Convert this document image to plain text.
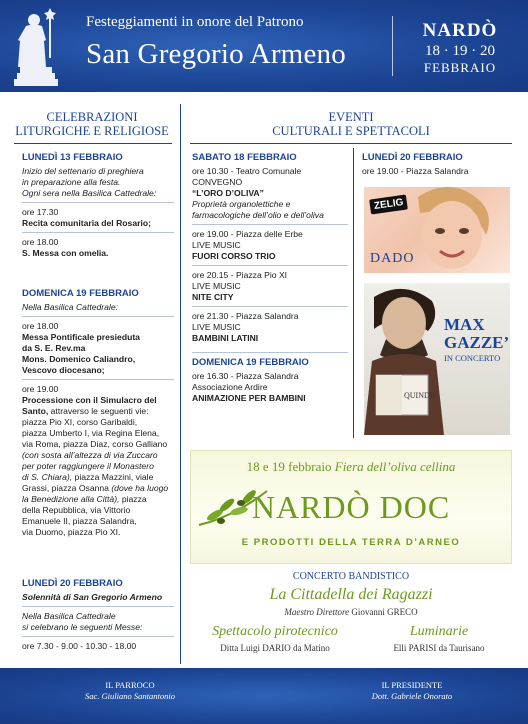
Festeggiamenti in onore del Patrono
San Gregorio Armeno
NARDÒ
18 · 19 · 20
FEBBRAIO
CELEBRAZIONI
LITURGICHE E RELIGIOSE
EVENTI
CULTURALI E SPETTACOLI
LUNEDÌ 13 FEBBRAIO
Inizio del settenario di preghiera
in preparazione alla festa.
Ogni sera nella Basilica Cattedrale:
ore 17.30
Recita comunitaria del Rosario;
ore 18.00
S. Messa con omelia.
DOMENICA 19 FEBBRAIO
Nella Basilica Cattedrale:
ore 18.00
Messa Pontificale presieduta
da S. E. Rev.ma
Mons. Domenico Caliandro,
Vescovo diocesano;
ore 19.00
Processione con il Simulacro del
Santo, attraverso le seguenti vie:
piazza Pio XI, corso Garibaldi,
piazza Umberto I, via Regina Elena,
via Roma, piazza Diaz, corso Galliano
(con sosta all’altezza di via Zuccaro
per poter raggiungere il Monastero
di S. Chiara), piazza Mazzini, viale
Grassi, piazza Osanna (dove ha luogo
la Benedizione alla Città), piazza
della Repubblica, via Vittorio
Emanuele II, piazza Salandra,
via Duomo, piazza Pio XI.
LUNEDÌ 20 FEBBRAIO
Solennità di San Gregorio Armeno
Nella Basilica Cattedrale
si celebrano le seguenti Messe:
ore 7.30 - 9.00 - 10.30 - 18.00
SABATO 18 FEBBRAIO
ore 10.30 - Teatro Comunale
CONVEGNO
“L’ORO D’OLIVA”
Proprietà organolettiche e
farmacologiche dell’olio e dell’oliva
ore 19.00 - Piazza delle Erbe
LIVE MUSIC
FUORI CORSO TRIO
ore 20.15 - Piazza Pio XI
LIVE MUSIC
NITE CITY
ore 21.30 - Piazza Salandra
LIVE MUSIC
BAMBINI LATINI
DOMENICA 19 FEBBRAIO
ore 16.30 - Piazza Salandra
Associazione Ardire
ANIMAZIONE PER BAMBINI
LUNEDÌ 20 FEBBRAIO
ore 19.00 - Piazza Salandra
ZELIG
DADO
MAX
GAZZE’
IN CONCERTO
QUINDI?
18 e 19 febbraio Fiera dell’oliva cellina
NARDÒ DOC
E PRODOTTI DELLA TERRA D’ARNEO
CONCERTO BANDISTICO
La Cittadella dei Ragazzi
Maestro Direttore Giovanni GRECO
Spettacolo pirotecnico
Ditta Luigi DARIO da Matino
Luminarie
Elli PARISI da Taurisano
IL PARROCO
Sac. Giuliano Santantonio
IL PRESIDENTE
Dott. Gabriele Onorato
